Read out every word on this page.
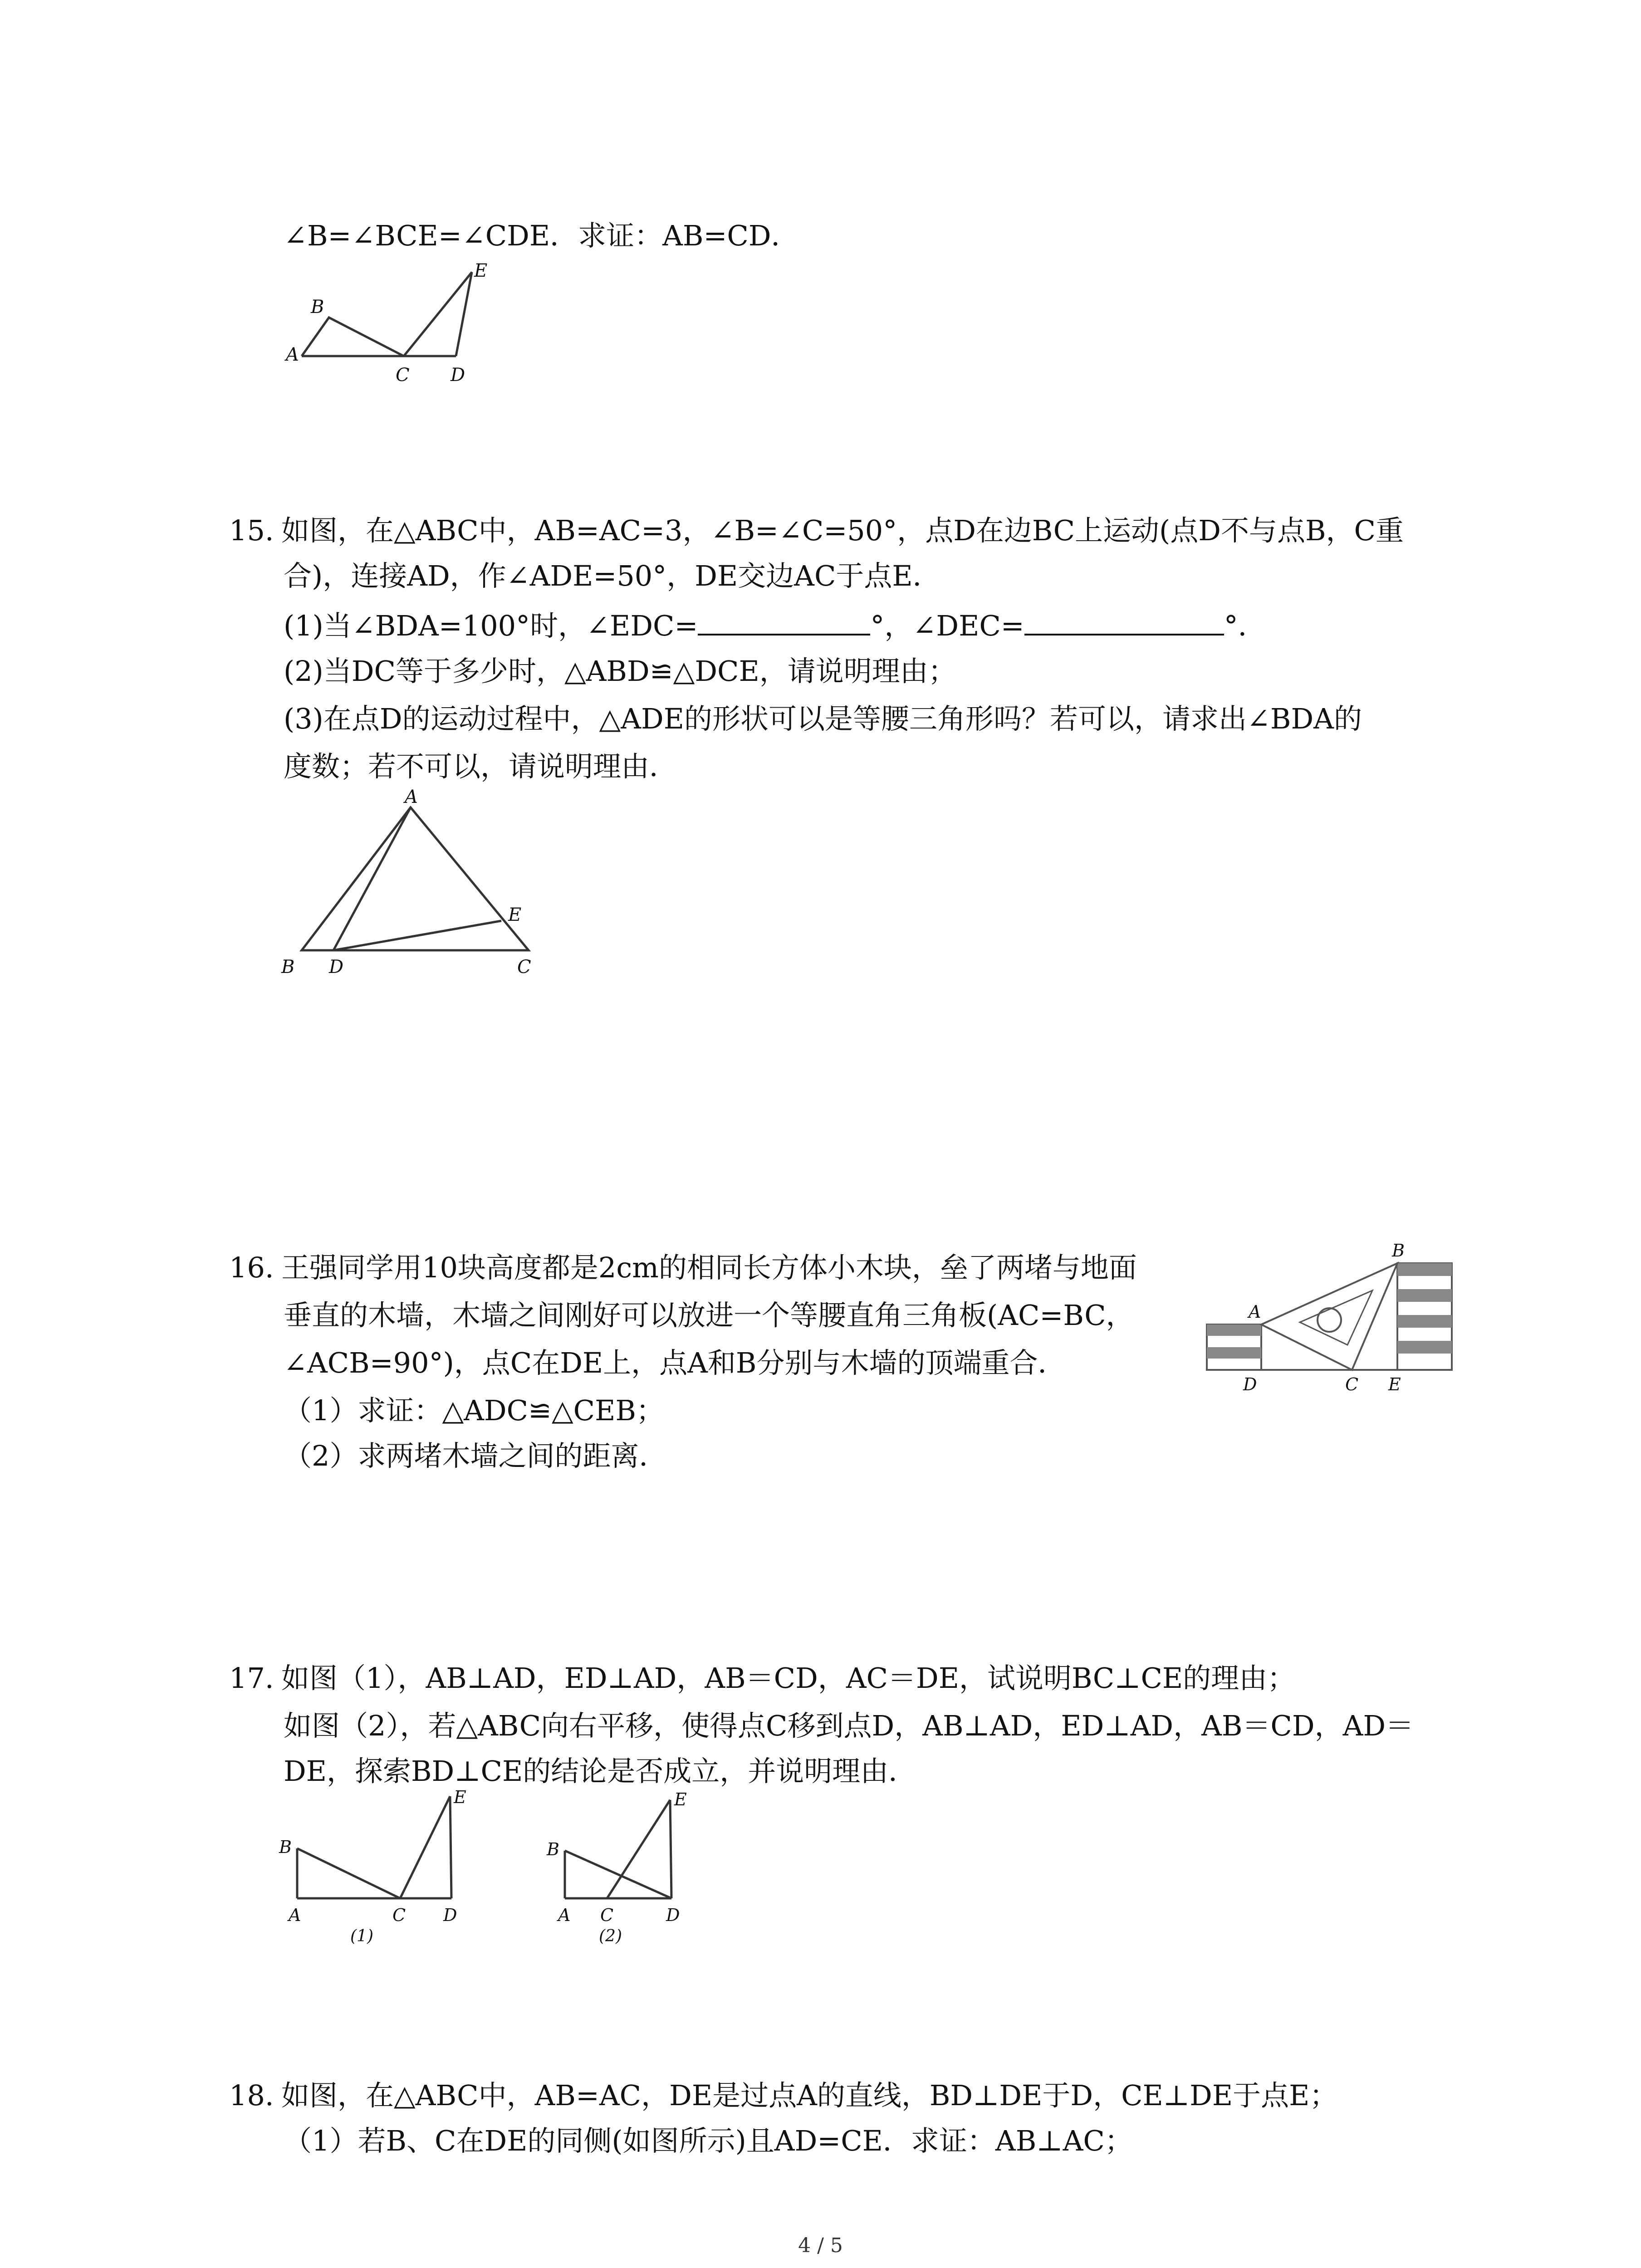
∠B=∠BCE=∠CDE．求证：AB=CD．
A
B
C D
E
15. 如图，在△ABC中，AB=AC=3，∠B=∠C=50°，点D在边BC上运动(点D不与点B，C重
合)，连接AD，作∠ADE=50°，DE交边AC于点E．
(1)当∠BDA=100°时，∠EDC=	°，∠DEC=	°．
(2)当DC等于多少时，△ABD≌△DCE，请说明理由；
(3)在点D的运动过程中，△ADE的形状可以是等腰三角形吗？若可以，请求出∠BDA的
度数；若不可以，请说明理由．
A
B D	C
E
16. 王强同学用10块高度都是2cm的相同长方体小木块，垒了两堵与地面
垂直的木墙，木墙之间刚好可以放进一个等腰直角三角板(AC=BC，
∠ACB=90°)，点C在DE上，点A和B分别与木墙的顶端重合．
（1）求证：△ADC≌△CEB；
（2）求两堵木墙之间的距离．
A
B
C
D	E
17. 如图（1），AB⊥AD，ED⊥AD，AB＝CD，AC＝DE，试说明BC⊥CE的理由；
如图（2），若△ABC向右平移，使得点C移到点D，AB⊥AD，ED⊥AD，AB＝CD，AD＝
DE，探索BD⊥CE的结论是否成立，并说明理由．
B
A	C D
E
(1)
B
A C	D
E
(2)
18. 如图，在△ABC中，AB=AC，DE是过点A的直线，BD⊥DE于D，CE⊥DE于点E；
（1）若B、C在DE的同侧(如图所示)且AD=CE．求证：AB⊥AC；
4 / 5
